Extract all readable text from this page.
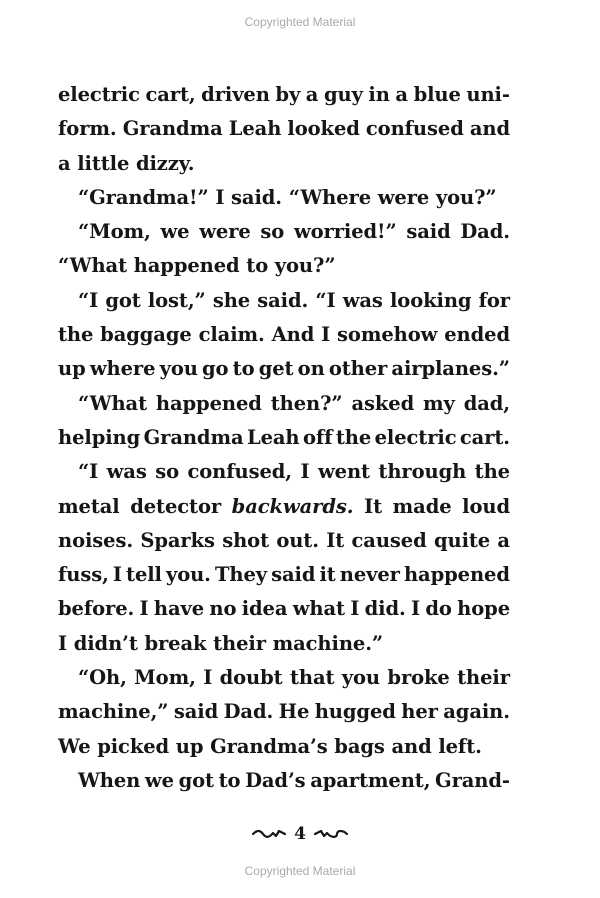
Copyrighted Material
electric cart, driven by a guy in a blue uni-
form. Grandma Leah looked confused and
a little dizzy.
“Grandma!” I said. “Where were you?”
“Mom, we were so worried!” said Dad.
“What happened to you?”
“I got lost,” she said. “I was looking for
the baggage claim. And I somehow ended
up where you go to get on other airplanes.”
“What happened then?” asked my dad,
helping Grandma Leah off the electric cart.
“I was so confused, I went through the
metal detector backwards. It made loud
noises. Sparks shot out. It caused quite a
fuss, I tell you. They said it never happened
before. I have no idea what I did. I do hope
I didn’t break their machine.”
“Oh, Mom, I doubt that you broke their
machine,” said Dad. He hugged her again.
We picked up Grandma’s bags and left.
When we got to Dad’s apartment, Grand-
4
Copyrighted Material
